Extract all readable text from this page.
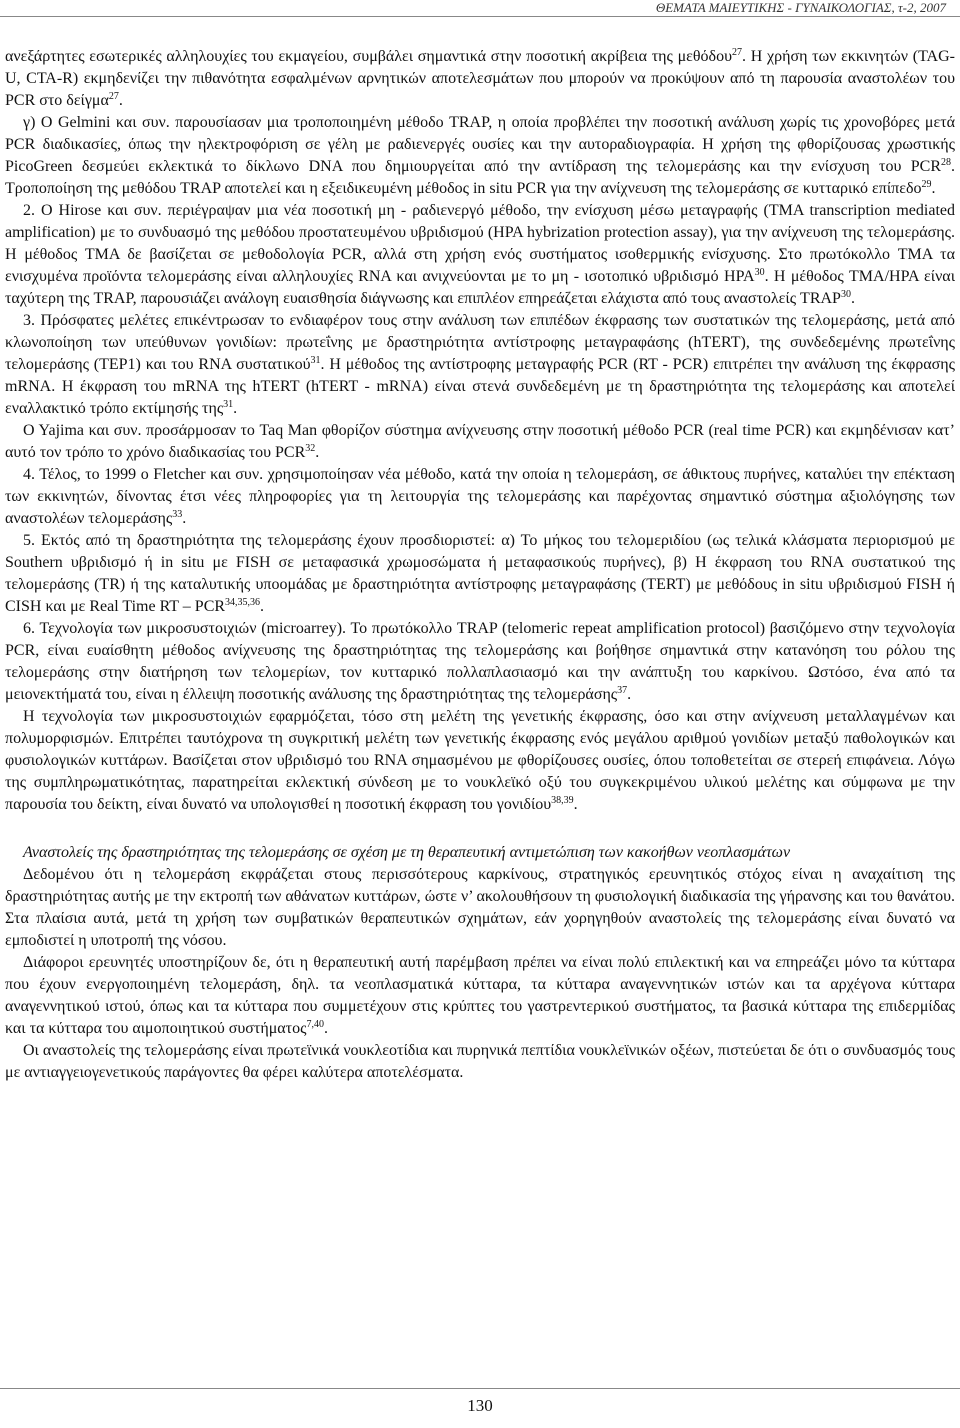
ΘΕΜΑΤΑ ΜΑΙΕΥΤΙΚΗΣ - ΓΥΝΑΙΚΟΛΟΓΙΑΣ, τ-2, 2007

ανεξάρτητες εσωτερικές αλληλουχίες του εκμαγείου, συμβάλει σημαντικά στην ποσοτική ακρίβεια της μεθόδου$^{27}$. Η χρήση των εκκινητών (TAG-U, CTA-R) εκμηδενίζει την πιθανότητα εσφαλμένων αρνητικών αποτελεσμάτων που μπορούν να προκύψουν από τη παρουσία αναστολέων του PCR στο δείγμα$^{27}$.

γ) Ο Gelmini και συν. παρουσίασαν μια τροποποιημένη μέθοδο TRAP, η οποία προβλέπει την ποσοτική ανάλυση χωρίς τις χρονοβόρες μετά PCR διαδικασίες, όπως την ηλεκτροφόριση σε γέλη με ραδιενεργές ουσίες και την αυτοραδιογραφία. Η χρήση της φθορίζουσας χρωστικής PicoGreen δεσμεύει εκλεκτικά το δίκλωνο DNA που δημιουργείται από την αντίδραση της τελομεράσης και την ενίσχυση του PCR$^{28}$. Τροποποίηση της μεθόδου TRAP αποτελεί και η εξειδικευμένη μέθοδος in situ PCR για την ανίχνευση της τελομεράσης σε κυτταρικό επίπεδο$^{29}$.

2. Ο Hirose και συν. περιέγραψαν μια νέα ποσοτική μη - ραδιενεργό μέθοδο, την ενίσχυση μέσω μεταγραφής (TMA transcription mediated amplification) με το συνδυασμό της μεθόδου προστατευμένου υβριδισμού (HPA hybrization protection assay), για την ανίχνευση της τελομεράσης. Η μέθοδος TMA δε βασίζεται σε μεθοδολογία PCR, αλλά στη χρήση ενός συστήματος ισοθερμικής ενίσχυσης. Στο πρωτόκολλο TMA τα ενισχυμένα προϊόντα τελομεράσης είναι αλληλουχίες RNA και ανιχνεύονται με το μη - ισοτοπικό υβριδισμό HPA$^{30}$. Η μέθοδος TMA/HPA είναι ταχύτερη της TRAP, παρουσιάζει ανάλογη ευαισθησία διάγνωσης και επιπλέον επηρεάζεται ελάχιστα από τους αναστολείς TRAP$^{30}$.

3. Πρόσφατες μελέτες επικέντρωσαν το ενδιαφέρον τους στην ανάλυση των επιπέδων έκφρασης των συστατικών της τελομεράσης, μετά από κλωνοποίηση των υπεύθυνων γονιδίων: πρωτεΐνης με δραστηριότητα αντίστροφης μεταγραφάσης (hTERT), της συνδεδεμένης πρωτεΐνης τελομεράσης (TEP1) και του RNA συστατικού$^{31}$. Η μέθοδος της αντίστροφης μεταγραφής PCR (RT - PCR) επιτρέπει την ανάλυση της έκφρασης mRNA. Η έκφραση του mRNA της hTERT (hTERT - mRNA) είναι στενά συνδεδεμένη με τη δραστηριότητα της τελομεράσης και αποτελεί εναλλακτικό τρόπο εκτίμησής της$^{31}$.

O Yajima και συν. προσάρμοσαν το Taq Man φθορίζον σύστημα ανίχνευσης στην ποσοτική μέθοδο PCR (real time PCR) και εκμηδένισαν κατ’ αυτό τον τρόπο το χρόνο διαδικασίας του PCR$^{32}$.

4. Τέλος, το 1999 ο Fletcher και συν. χρησιμοποίησαν νέα μέθοδο, κατά την οποία η τελομεράση, σε άθικτους πυρήνες, καταλύει την επέκταση των εκκινητών, δίνοντας έτσι νέες πληροφορίες για τη λειτουργία της τελομεράσης και παρέχοντας σημαντικό σύστημα αξιολόγησης των αναστολέων τελομεράσης$^{33}$.

5. Εκτός από τη δραστηριότητα της τελομεράσης έχουν προσδιοριστεί: α) Το μήκος του τελομεριδίου (ως τελικά κλάσματα περιορισμού με Southern υβριδισμό ή in situ με FISH σε μεταφασικά χρωμοσώματα ή μεταφασικούς πυρήνες), β) Η έκφραση του RNA συστατικού της τελομεράσης (TR) ή της καταλυτικής υποομάδας με δραστηριότητα αντίστροφης μεταγραφάσης (TERT) με μεθόδους in situ υβριδισμού FISH ή CISH και με Real Time RT – PCR$^{34,35,36}$.

6. Τεχνολογία των μικροσυστοιχιών (microarrey). Το πρωτόκολλο TRAP (telomeric repeat amplification protocol) βασιζόμενο στην τεχνολογία PCR, είναι ευαίσθητη μέθοδος ανίχνευσης της δραστηριότητας της τελομεράσης και βοήθησε σημαντικά στην κατανόηση του ρόλου της τελομεράσης στην διατήρηση των τελομερίων, τον κυτταρικό πολλαπλασιασμό και την ανάπτυξη του καρκίνου. Ωστόσο, ένα από τα μειονεκτήματά του, είναι η έλλειψη ποσοτικής ανάλυσης της δραστηριότητας της τελομεράσης$^{37}$.

Η τεχνολογία των μικροσυστοιχιών εφαρμόζεται, τόσο στη μελέτη της γενετικής έκφρασης, όσο και στην ανίχνευση μεταλλαγμένων και πολυμορφισμών. Επιτρέπει ταυτόχρονα τη συγκριτική μελέτη των γενετικής έκφρασης ενός μεγάλου αριθμού γονιδίων μεταξύ παθολογικών και φυσιολογικών κυττάρων. Βασίζεται στον υβριδισμό του RNA σημασμένου με φθορίζουσες ουσίες, όπου τοποθετείται σε στερεή επιφάνεια. Λόγω της συμπληρωματικότητας, παρατηρείται εκλεκτική σύνδεση με το νουκλεϊκό οξύ του συγκεκριμένου υλικού μελέτης και σύμφωνα με την παρουσία του δείκτη, είναι δυνατό να υπολογισθεί η ποσοτική έκφραση του γονιδίου$^{38,39}$.

Αναστολείς της δραστηριότητας της τελομεράσης σε σχέση με τη θεραπευτική αντιμετώπιση των κακοήθων νεοπλασμάτων

Δεδομένου ότι η τελομεράση εκφράζεται στους περισσότερους καρκίνους, στρατηγικός ερευνητικός στόχος είναι η αναχαίτιση της δραστηριότητας αυτής με την εκτροπή των αθάνατων κυττάρων, ώστε ν’ ακολουθήσουν τη φυσιολογική διαδικασία της γήρανσης και του θανάτου. Στα πλαίσια αυτά, μετά τη χρήση των συμβατικών θεραπευτικών σχημάτων, εάν χορηγηθούν αναστολείς της τελομεράσης είναι δυνατό να εμποδιστεί η υποτροπή της νόσου.

Διάφοροι ερευνητές υποστηρίζουν δε, ότι η θεραπευτική αυτή παρέμβαση πρέπει να είναι πολύ επιλεκτική και να επηρεάζει μόνο τα κύτταρα που έχουν ενεργοποιημένη τελομεράση, δηλ. τα νεοπλασματικά κύτταρα, τα κύτταρα αναγεννητικών ιστών και τα αρχέγονα κύτταρα αναγεννητικού ιστού, όπως και τα κύτταρα που συμμετέχουν στις κρύπτες του γαστρεντερικού συστήματος, τα βασικά κύτταρα της επιδερμίδας και τα κύτταρα του αιμοποιητικού συστήματος$^{7,40}$.

Οι αναστολείς της τελομεράσης είναι πρωτεϊνικά νουκλεοτίδια και πυρηνικά πεπτίδια νουκλεϊνικών οξέων, πιστεύεται δε ότι ο συνδυασμός τους με αντιαγγειογενετικούς παράγοντες θα φέρει καλύτερα αποτελέσματα.

130
